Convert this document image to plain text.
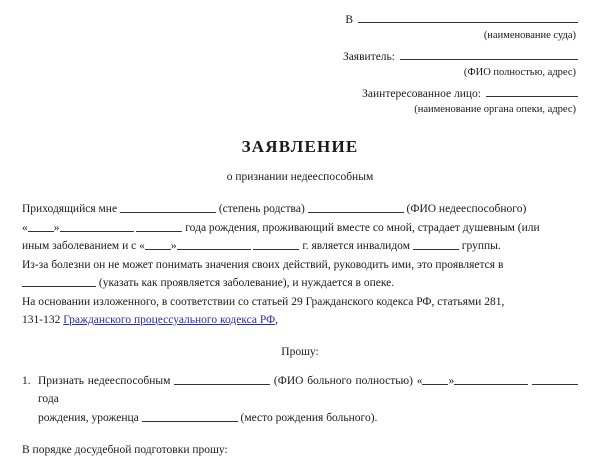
В
(наименование суда)
Заявитель:
(ФИО полностью, адрес)
Заинтересованное лицо:
(наименование органа опеки, адрес)
ЗАЯВЛЕНИЕ
о признании недееспособным
Приходящийся мне	(степень родства)	(ФИО недееспособного)
« »	года рождения, проживающий вместе со мной, страдает душевным (или
иным заболеванием и с « »	г. является инвалидом	группы.
Из-за болезни он не может понимать значения своих действий, руководить ими, это проявляется в
(указать как проявляется заболевание), и нуждается в опеке.
На основании изложенного, в соответствии со статьей 29 Гражданского кодекса РФ, статьями 281,
131-132 Гражданского процессуального кодекса РФ,
Прошу:
1. Признать недееспособным	(ФИО больного полностью) « »  года
рождения, уроженца	(место рождения больного).
В порядке досудебной подготовки прошу:
